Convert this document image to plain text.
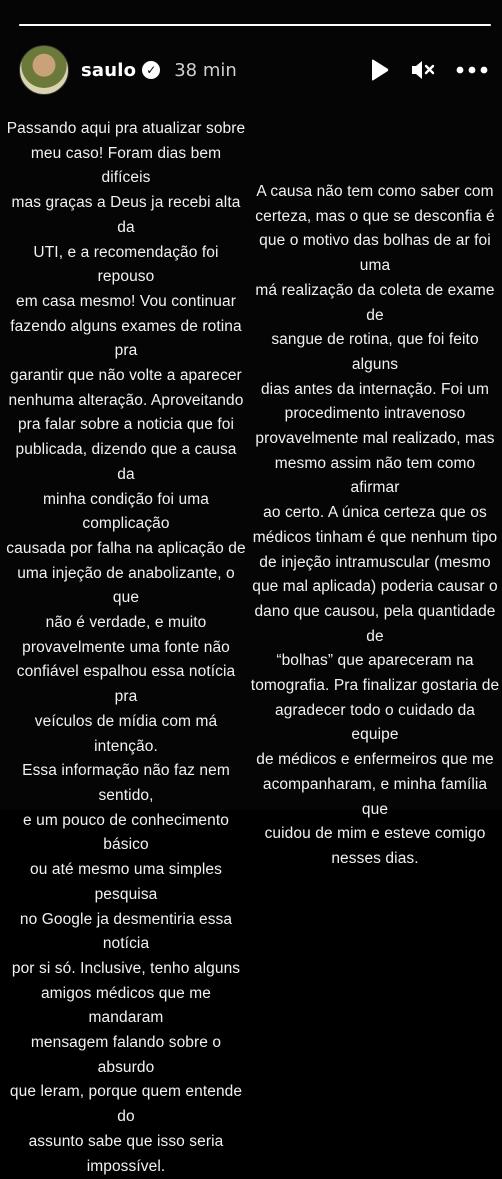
saulo ✓ 38 min
Passando aqui pra atualizar sobre
meu caso! Foram dias bem difíceis
mas graças a Deus ja recebi alta da
UTI, e a recomendação foi repouso
em casa mesmo! Vou continuar
fazendo alguns exames de rotina pra
garantir que não volte a aparecer
nenhuma alteração. Aproveitando
pra falar sobre a noticia que foi
publicada, dizendo que a causa da
minha condição foi uma complicação
causada por falha na aplicação de
uma injeção de anabolizante, o que
não é verdade, e muito
provavelmente uma fonte não
confiável espalhou essa notícia pra
veículos de mídia com má intenção.
Essa informação não faz nem sentido,
e um pouco de conhecimento básico
ou até mesmo uma simples pesquisa
no Google ja desmentiria essa notícia
por si só. Inclusive, tenho alguns
amigos médicos que me mandaram
mensagem falando sobre o absurdo
que leram, porque quem entende do
assunto sabe que isso seria
impossível.
A causa não tem como saber com
certeza, mas o que se desconfia é
que o motivo das bolhas de ar foi uma
má realização da coleta de exame de
sangue de rotina, que foi feito alguns
dias antes da internação. Foi um
procedimento intravenoso
provavelmente mal realizado, mas
mesmo assim não tem como afirmar
ao certo. A única certeza que os
médicos tinham é que nenhum tipo
de injeção intramuscular (mesmo
que mal aplicada) poderia causar o
dano que causou, pela quantidade de
“bolhas” que apareceram na
tomografia. Pra finalizar gostaria de
agradecer todo o cuidado da equipe
de médicos e enfermeiros que me
acompanharam, e minha família que
cuidou de mim e esteve comigo
nesses dias.
